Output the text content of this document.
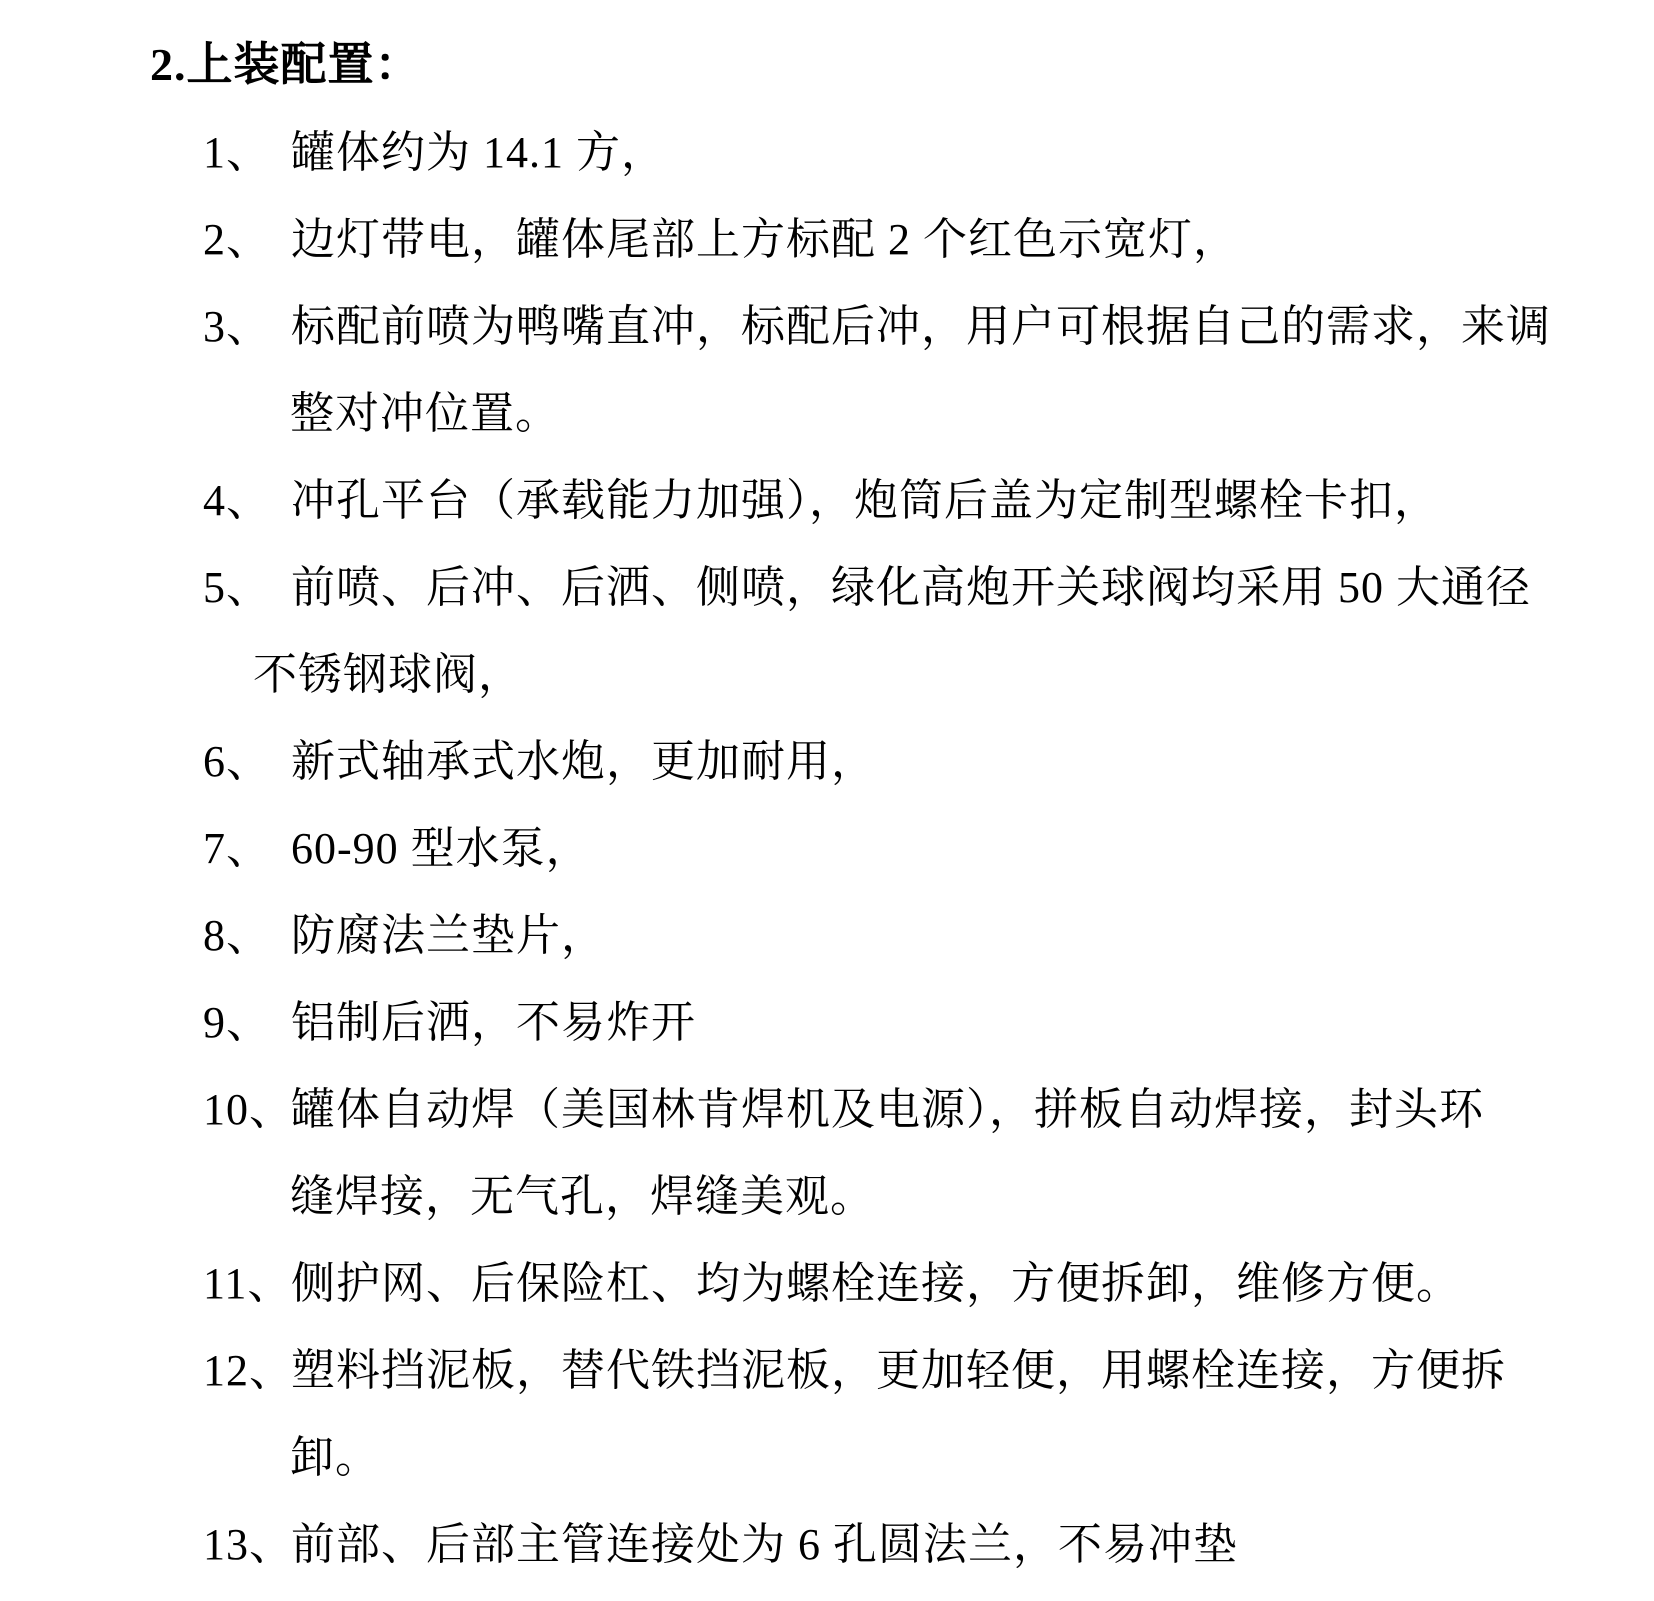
2.上装配置：
1、 罐体约为 14.1 方，
2、 边灯带电，罐体尾部上方标配 2 个红色示宽灯，
3、 标配前喷为鸭嘴直冲，标配后冲，用户可根据自己的需求，来调
整对冲位置。
4、 冲孔平台（承载能力加强），炮筒后盖为定制型螺栓卡扣，
5、 前喷、后冲、后洒、侧喷，绿化高炮开关球阀均采用 50 大通径
不锈钢球阀，
6、 新式轴承式水炮，更加耐用，
7、 60-90 型水泵，
8、 防腐法兰垫片，
9、 铝制后洒，不易炸开
10、
罐体自动焊（美国林肯焊机及电源），拼板自动焊接，封头环
缝焊接，无气孔，焊缝美观。
11、
侧护网、后保险杠、均为螺栓连接，方便拆卸，维修方便。
12、
塑料挡泥板，替代铁挡泥板，更加轻便，用螺栓连接，方便拆
卸。
13、
前部、后部主管连接处为 6 孔圆法兰，不易冲垫
